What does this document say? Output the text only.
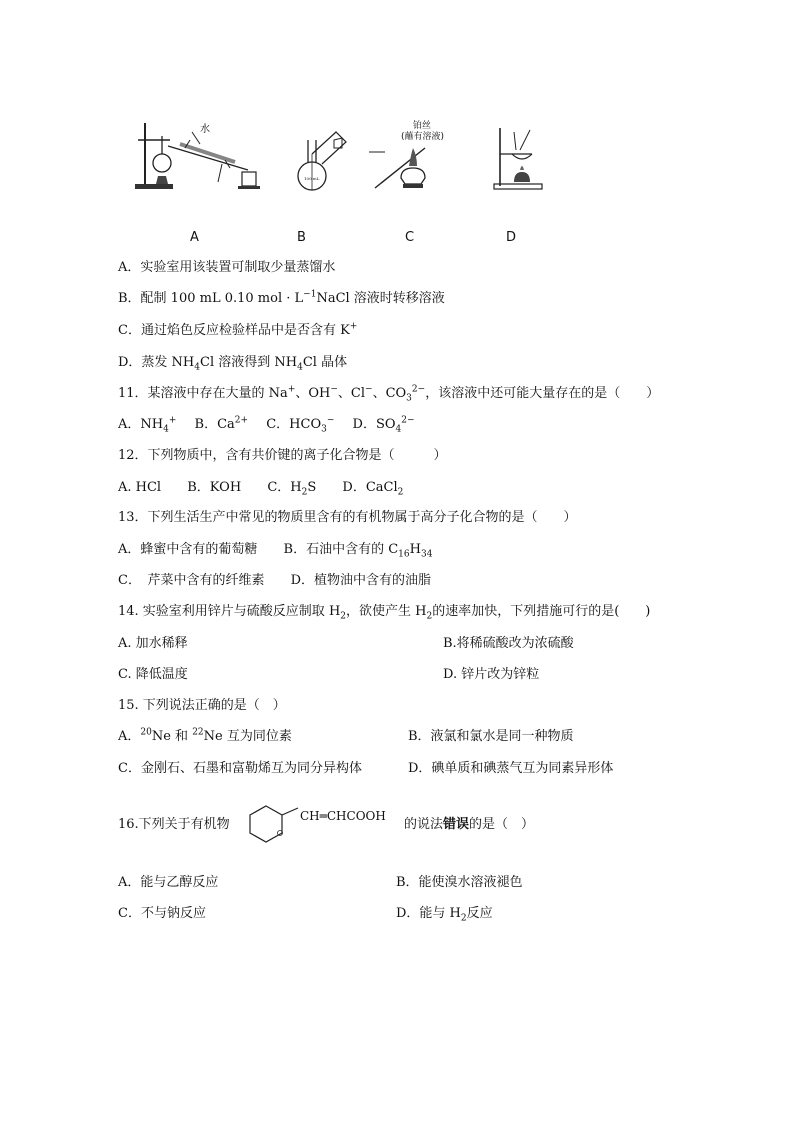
水
100 mL
铂丝
(蘸有溶液)
A	B	C	D
A．实验室用该装置可制取少量蒸馏水
B．配制 100 mL 0.10 mol · $L^{-1}NaCl$ 溶液时转移溶液
C．通过焰色反应检验样品中是否含有 K+
D．蒸发 $NH_4Cl$ 溶液得到 $NH_4Cl$ 晶体
11．某溶液中存在大量的 Na+、OH−、Cl−、$CO_3^{2-}$，该溶液中还可能大量存在的是（　　）
A．$NH_4^+$ B．$Ca^{2+}$ C．$HCO_3^-$ D．$SO_4^{2-}$
12．下列物质中，含有共价键的离子化合物是（　　　）
A. HCl B．KOH C．$H_2S$ D．CaCl$_2$
13．下列生活生产中常见的物质里含有的有机物属于高分子化合物的是（　　）
A．蜂蜜中含有的葡萄糖 B．石油中含有的 $C_{16}H_{34}$
C．　芹菜中含有的纤维素 D．植物油中含有的油脂
14. 实验室利用锌片与硫酸反应制取 $H_2$，欲使产生 $H_2$的速率加快，下列措施可行的是(　　)
A. 加水稀释	B.将稀硫酸改为浓硫酸
C. 降低温度	D. 锌片改为锌粒
15. 下列说法正确的是（　）
A．$^{20}$Ne 和 $^{22}$Ne 互为同位素	B．液氯和氯水是同一种物质
C．金刚石、石墨和富勒烯互为同分异构体	D．碘单质和碘蒸气互为同素异形体
16.下列关于有机物
CH═CHCOOH
的说法错误的是（　）
A．能与乙醇反应	B．能使溴水溶液褪色
C．不与钠反应	D．能与 $H_2$反应
